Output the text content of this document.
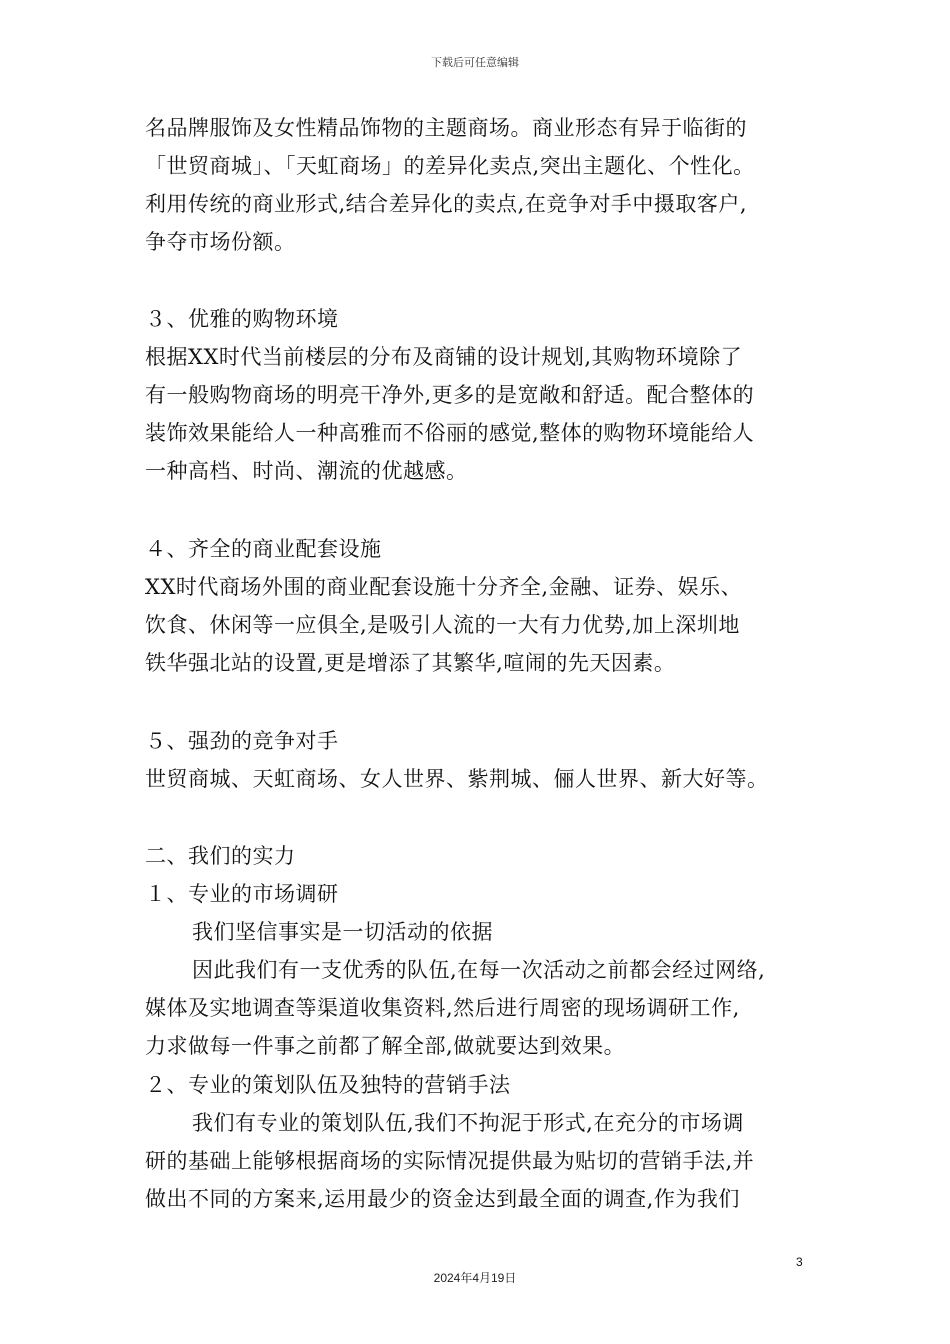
下载后可任意编辑
名品牌服饰及女性精品饰物的主题商场。商业形态有异于临街的
「世贸商城」、「天虹商场」的差异化卖点,突出主题化、个性化。
利用传统的商业形式,结合差异化的卖点,在竞争对手中摄取客户,
争夺市场份额。
３、优雅的购物环境
根据XX时代当前楼层的分布及商铺的设计规划,其购物环境除了
有一般购物商场的明亮干净外,更多的是宽敞和舒适。配合整体的
装饰效果能给人一种高雅而不俗丽的感觉,整体的购物环境能给人
一种高档、时尚、潮流的优越感。
４、齐全的商业配套设施
XX时代商场外围的商业配套设施十分齐全,金融、证券、娱乐、
饮食、休闲等一应俱全,是吸引人流的一大有力优势,加上深圳地
铁华强北站的设置,更是增添了其繁华,喧闹的先天因素。
５、强劲的竞争对手
世贸商城、天虹商场、女人世界、紫荆城、俪人世界、新大好等。
二、我们的实力
１、专业的市场调研
我们坚信事实是一切活动的依据
因此我们有一支优秀的队伍,在每一次活动之前都会经过网络,
媒体及实地调查等渠道收集资料,然后进行周密的现场调研工作,
力求做每一件事之前都了解全部,做就要达到效果。
２、专业的策划队伍及独特的营销手法
我们有专业的策划队伍,我们不拘泥于形式,在充分的市场调
研的基础上能够根据商场的实际情况提供最为贴切的营销手法,并
做出不同的方案来,运用最少的资金达到最全面的调查,作为我们
3
2024年4月19日
